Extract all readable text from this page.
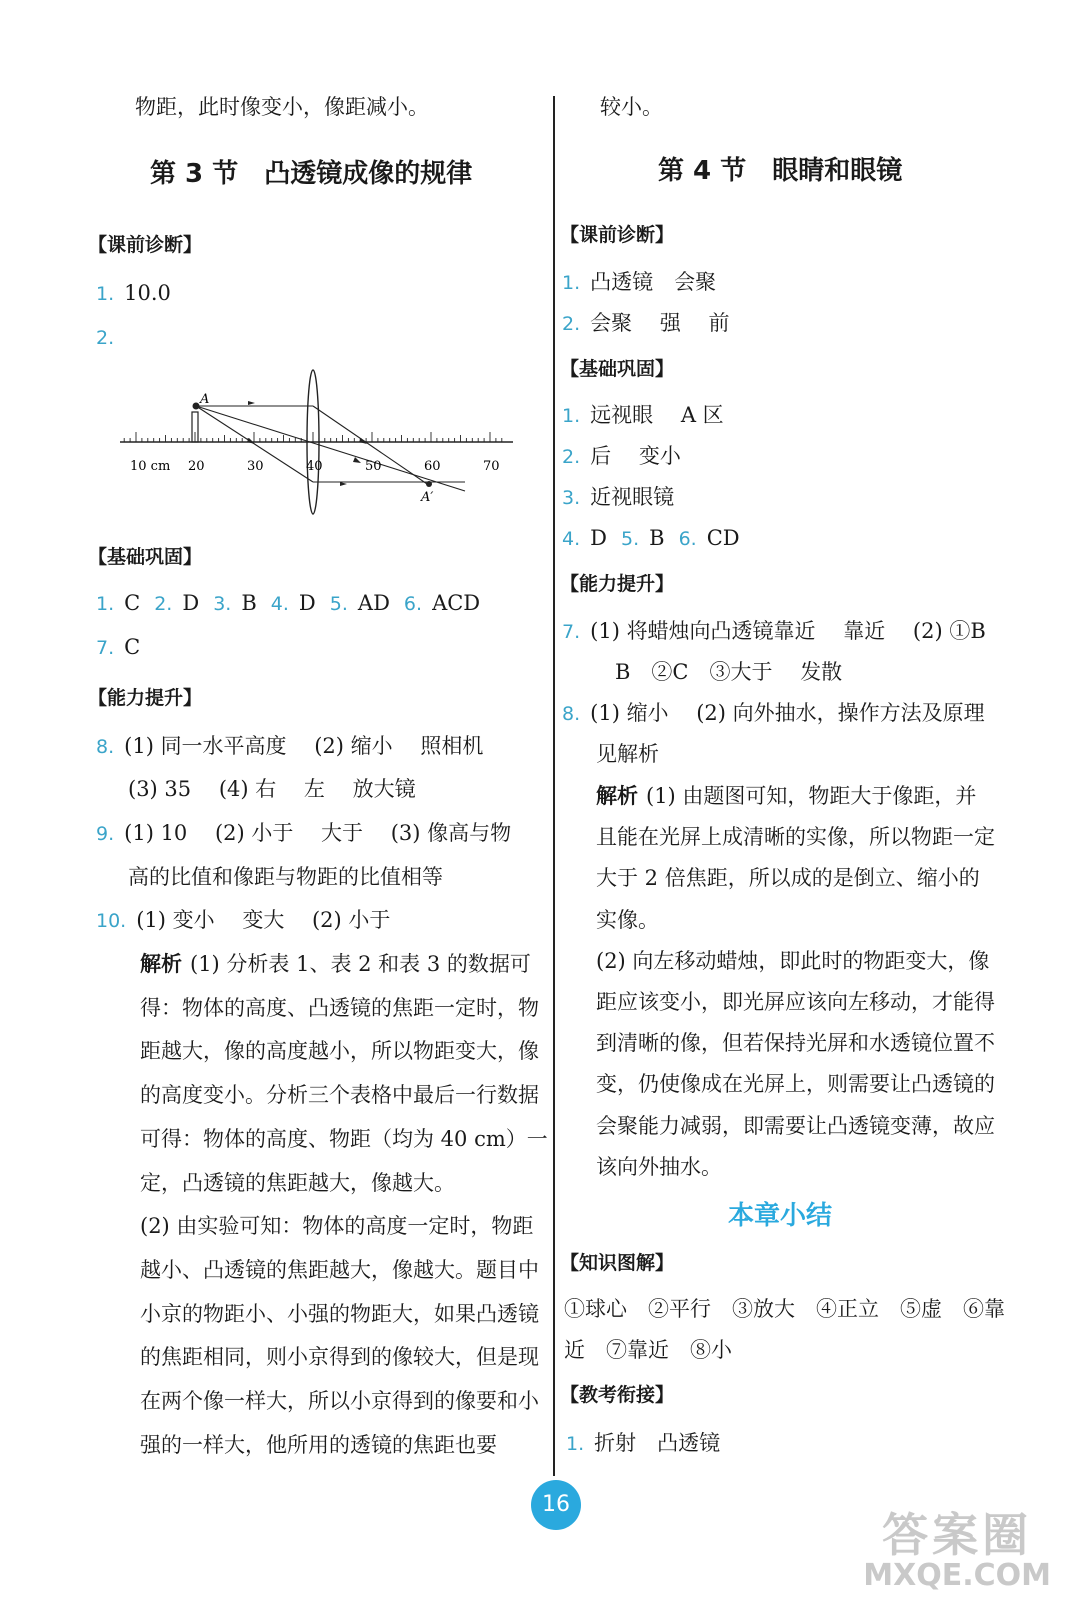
物距，此时像变小，像距减小。
第 3 节　凸透镜成像的规律
【课前诊断】
1. 10.0
2.
A
A′
10 cm 20	30	40	50	60	70
【基础巩固】
1. C 2. D 3. B 4. D 5. AD 6. ACD
7. C
【能力提升】
8. (1) 同一水平高度　 (2) 缩小　 照相机
(3) 35　 (4) 右　 左　 放大镜
9. (1) 10　 (2) 小于　 大于　 (3) 像高与物
高的比值和像距与物距的比值相等
10. (1) 变小　 变大　 (2) 小于
解析 (1) 分析表 1、表 2 和表 3 的数据可
得：物体的高度、凸透镜的焦距一定时，物
距越大，像的高度越小，所以物距变大，像
的高度变小。分析三个表格中最后一行数据
可得：物体的高度、物距（均为 40 cm）一
定，凸透镜的焦距越大，像越大。
(2) 由实验可知：物体的高度一定时，物距
越小、凸透镜的焦距越大，像越大。题目中
小京的物距小、小强的物距大，如果凸透镜
的焦距相同，则小京得到的像较大，但是现
在两个像一样大，所以小京得到的像要和小
强的一样大，他所用的透镜的焦距也要
较小。
第 4 节　眼睛和眼镜
【课前诊断】
1. 凸透镜　会聚
2. 会聚　 强　 前
【基础巩固】
1. 远视眼　 A 区
2. 后　 变小
3. 近视眼镜
4. D 5. B 6. CD
【能力提升】
7. (1) 将蜡烛向凸透镜靠近　 靠近　 (2) ①B
B　②C　③大于　 发散
8. (1) 缩小　 (2) 向外抽水，操作方法及原理
见解析
解析 (1) 由题图可知，物距大于像距，并
且能在光屏上成清晰的实像，所以物距一定
大于 2 倍焦距，所以成的是倒立、缩小的
实像。
(2) 向左移动蜡烛，即此时的物距变大，像
距应该变小，即光屏应该向左移动，才能得
到清晰的像，但若保持光屏和水透镜位置不
变，仍使像成在光屏上，则需要让凸透镜的
会聚能力减弱，即需要让凸透镜变薄，故应
该向外抽水。
本章小结
【知识图解】
①球心　②平行　③放大　④正立　⑤虚　⑥靠
近　⑦靠近　⑧小
【教考衔接】
1. 折射　凸透镜
16
答案圈
MXQE.COM
